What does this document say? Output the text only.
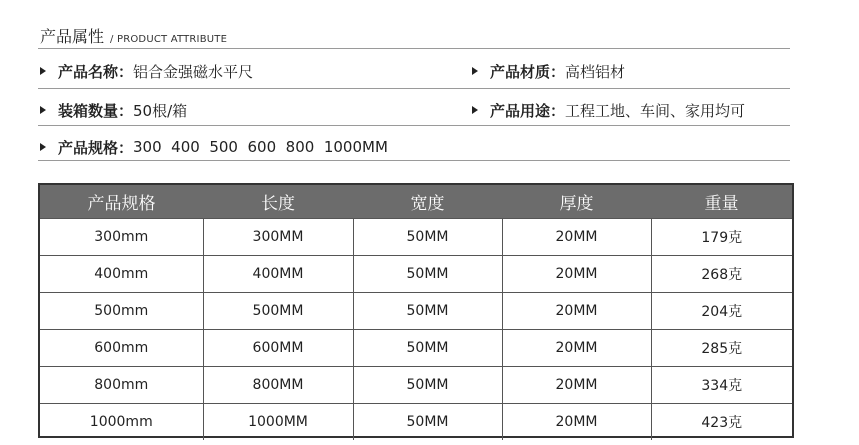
产品属性 / PRODUCT ATTRIBUTE
产品名称： 铝合金强磁水平尺	产品材质： 高档铝材
装箱数量： 50根/箱	产品用途： 工程工地、车间、家用均可
产品规格： 300  400  500  600  800  1000MM
产品规格	长度	宽度	厚度	重量
300mm	300MM	50MM	20MM	179克
400mm	400MM	50MM	20MM	268克
500mm	500MM	50MM	20MM	204克
600mm	600MM	50MM	20MM	285克
800mm	800MM	50MM	20MM	334克
1000mm	1000MM	50MM	20MM	423克
